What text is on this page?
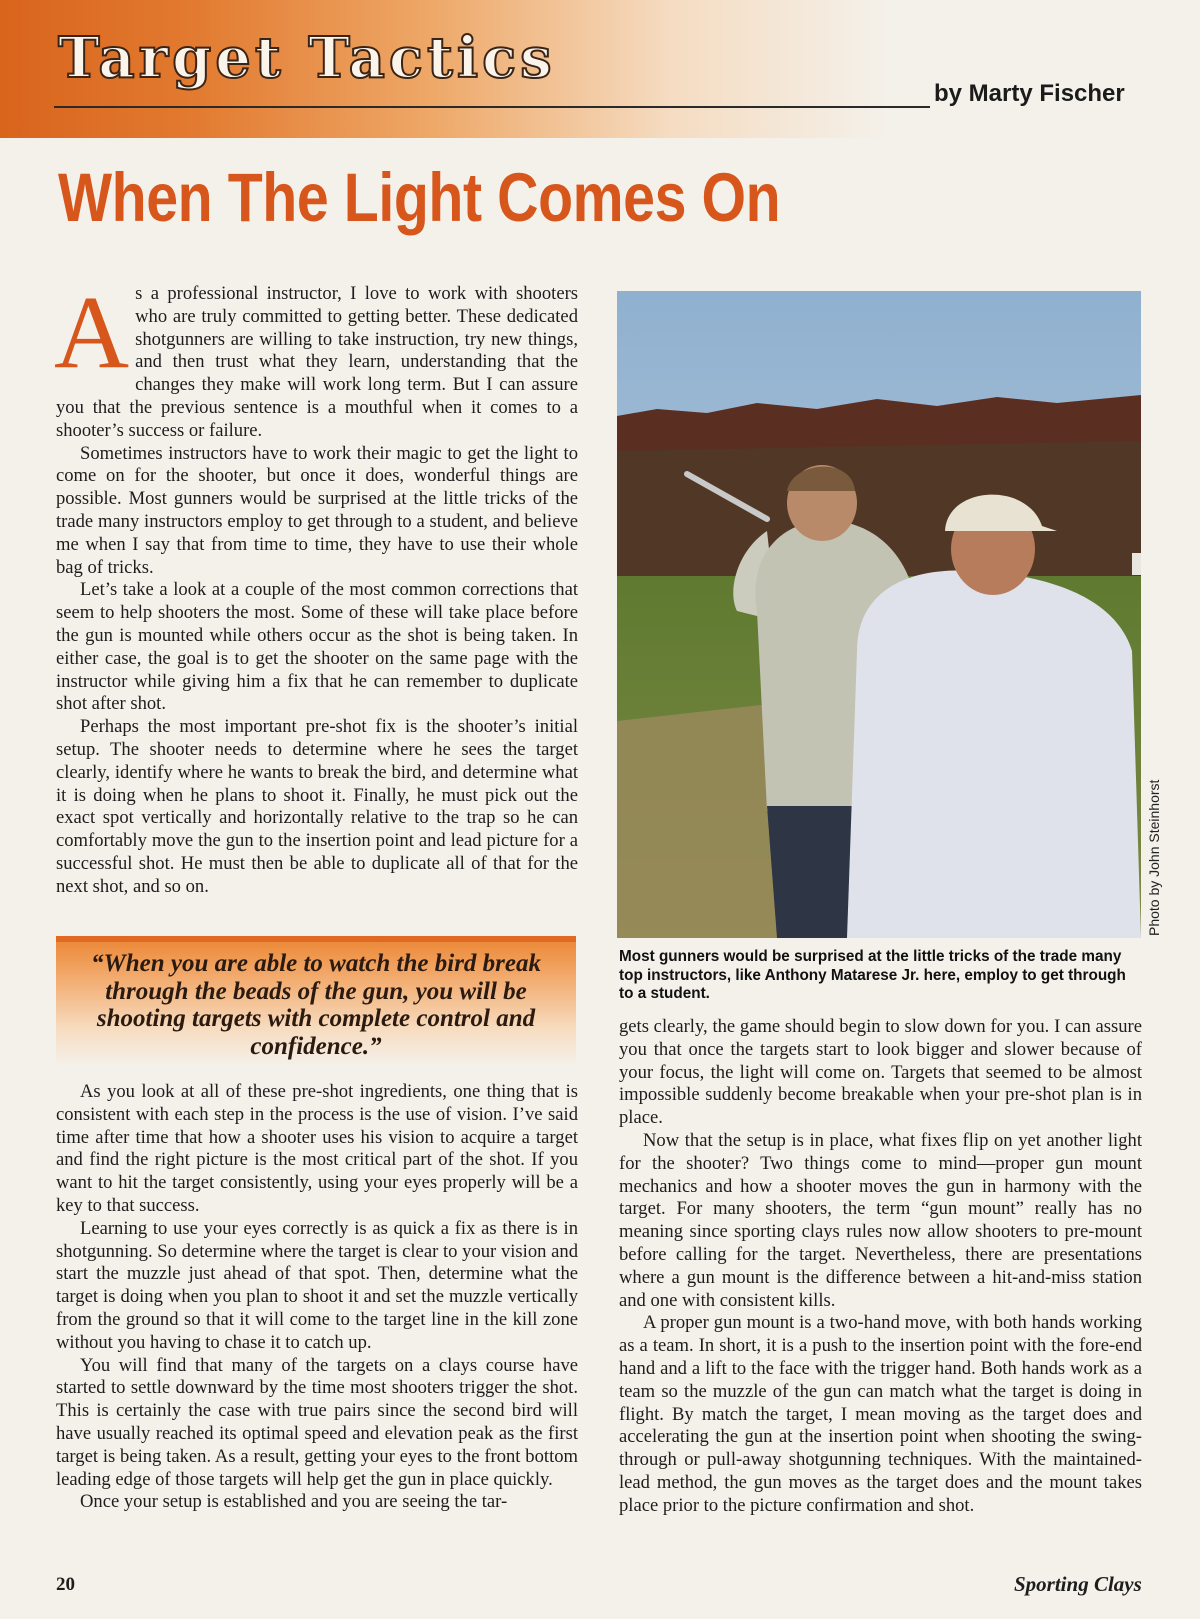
Target Tactics
by Marty Fischer
When The Light Comes On

As a professional instructor, I love to work with shooters who are truly committed to getting better. These dedicated shotgunners are willing to take instruction, try new things, and then trust what they learn, understanding that the changes they make will work long term. But I can assure you that the previous sentence is a mouthful when it comes to a shooter’s success or failure.

Sometimes instructors have to work their magic to get the light to come on for the shooter, but once it does, wonderful things are possible. Most gunners would be surprised at the little tricks of the trade many instructors employ to get through to a student, and believe me when I say that from time to time, they have to use their whole bag of tricks.

Let’s take a look at a couple of the most common corrections that seem to help shooters the most. Some of these will take place before the gun is mounted while others occur as the shot is being taken. In either case, the goal is to get the shooter on the same page with the instructor while giving him a fix that he can remember to duplicate shot after shot.

Perhaps the most important pre-shot fix is the shooter’s initial setup. The shooter needs to determine where he sees the target clearly, identify where he wants to break the bird, and determine what it is doing when he plans to shoot it. Finally, he must pick out the exact spot vertically and horizontally relative to the trap so he can comfortably move the gun to the insertion point and lead picture for a successful shot. He must then be able to duplicate all of that for the next shot, and so on.

“When you are able to watch the bird break through the beads of the gun, you will be shooting targets with complete control and confidence.”

As you look at all of these pre-shot ingredients, one thing that is consistent with each step in the process is the use of vision. I’ve said time after time that how a shooter uses his vision to acquire a target and find the right picture is the most critical part of the shot. If you want to hit the target consistently, using your eyes properly will be a key to that success.

Learning to use your eyes correctly is as quick a fix as there is in shotgunning. So determine where the target is clear to your vision and start the muzzle just ahead of that spot. Then, determine what the target is doing when you plan to shoot it and set the muzzle vertically from the ground so that it will come to the target line in the kill zone without you having to chase it to catch up.

You will find that many of the targets on a clays course have started to settle downward by the time most shooters trigger the shot. This is certainly the case with true pairs since the second bird will have usually reached its optimal speed and elevation peak as the first target is being taken. As a result, getting your eyes to the front bottom leading edge of those targets will help get the gun in place quickly.

Once your setup is established and you are seeing the tar-

Photo by John Steinhorst
Most gunners would be surprised at the little tricks of the trade many top instructors, like Anthony Matarese Jr. here, employ to get through to a student.

gets clearly, the game should begin to slow down for you. I can assure you that once the targets start to look bigger and slower because of your focus, the light will come on. Targets that seemed to be almost impossible suddenly become breakable when your pre-shot plan is in place.

Now that the setup is in place, what fixes flip on yet another light for the shooter? Two things come to mind—proper gun mount mechanics and how a shooter moves the gun in harmony with the target. For many shooters, the term “gun mount” really has no meaning since sporting clays rules now allow shooters to pre-mount before calling for the target. Nevertheless, there are presentations where a gun mount is the difference between a hit-and-miss station and one with consistent kills.

A proper gun mount is a two-hand move, with both hands working as a team. In short, it is a push to the insertion point with the fore-end hand and a lift to the face with the trigger hand. Both hands work as a team so the muzzle of the gun can match what the target is doing in flight. By match the target, I mean moving as the target does and accelerating the gun at the insertion point when shooting the swing-through or pull-away shotgunning techniques. With the maintained-lead method, the gun moves as the target does and the mount takes place prior to the picture confirmation and shot.

20	Sporting Clays
